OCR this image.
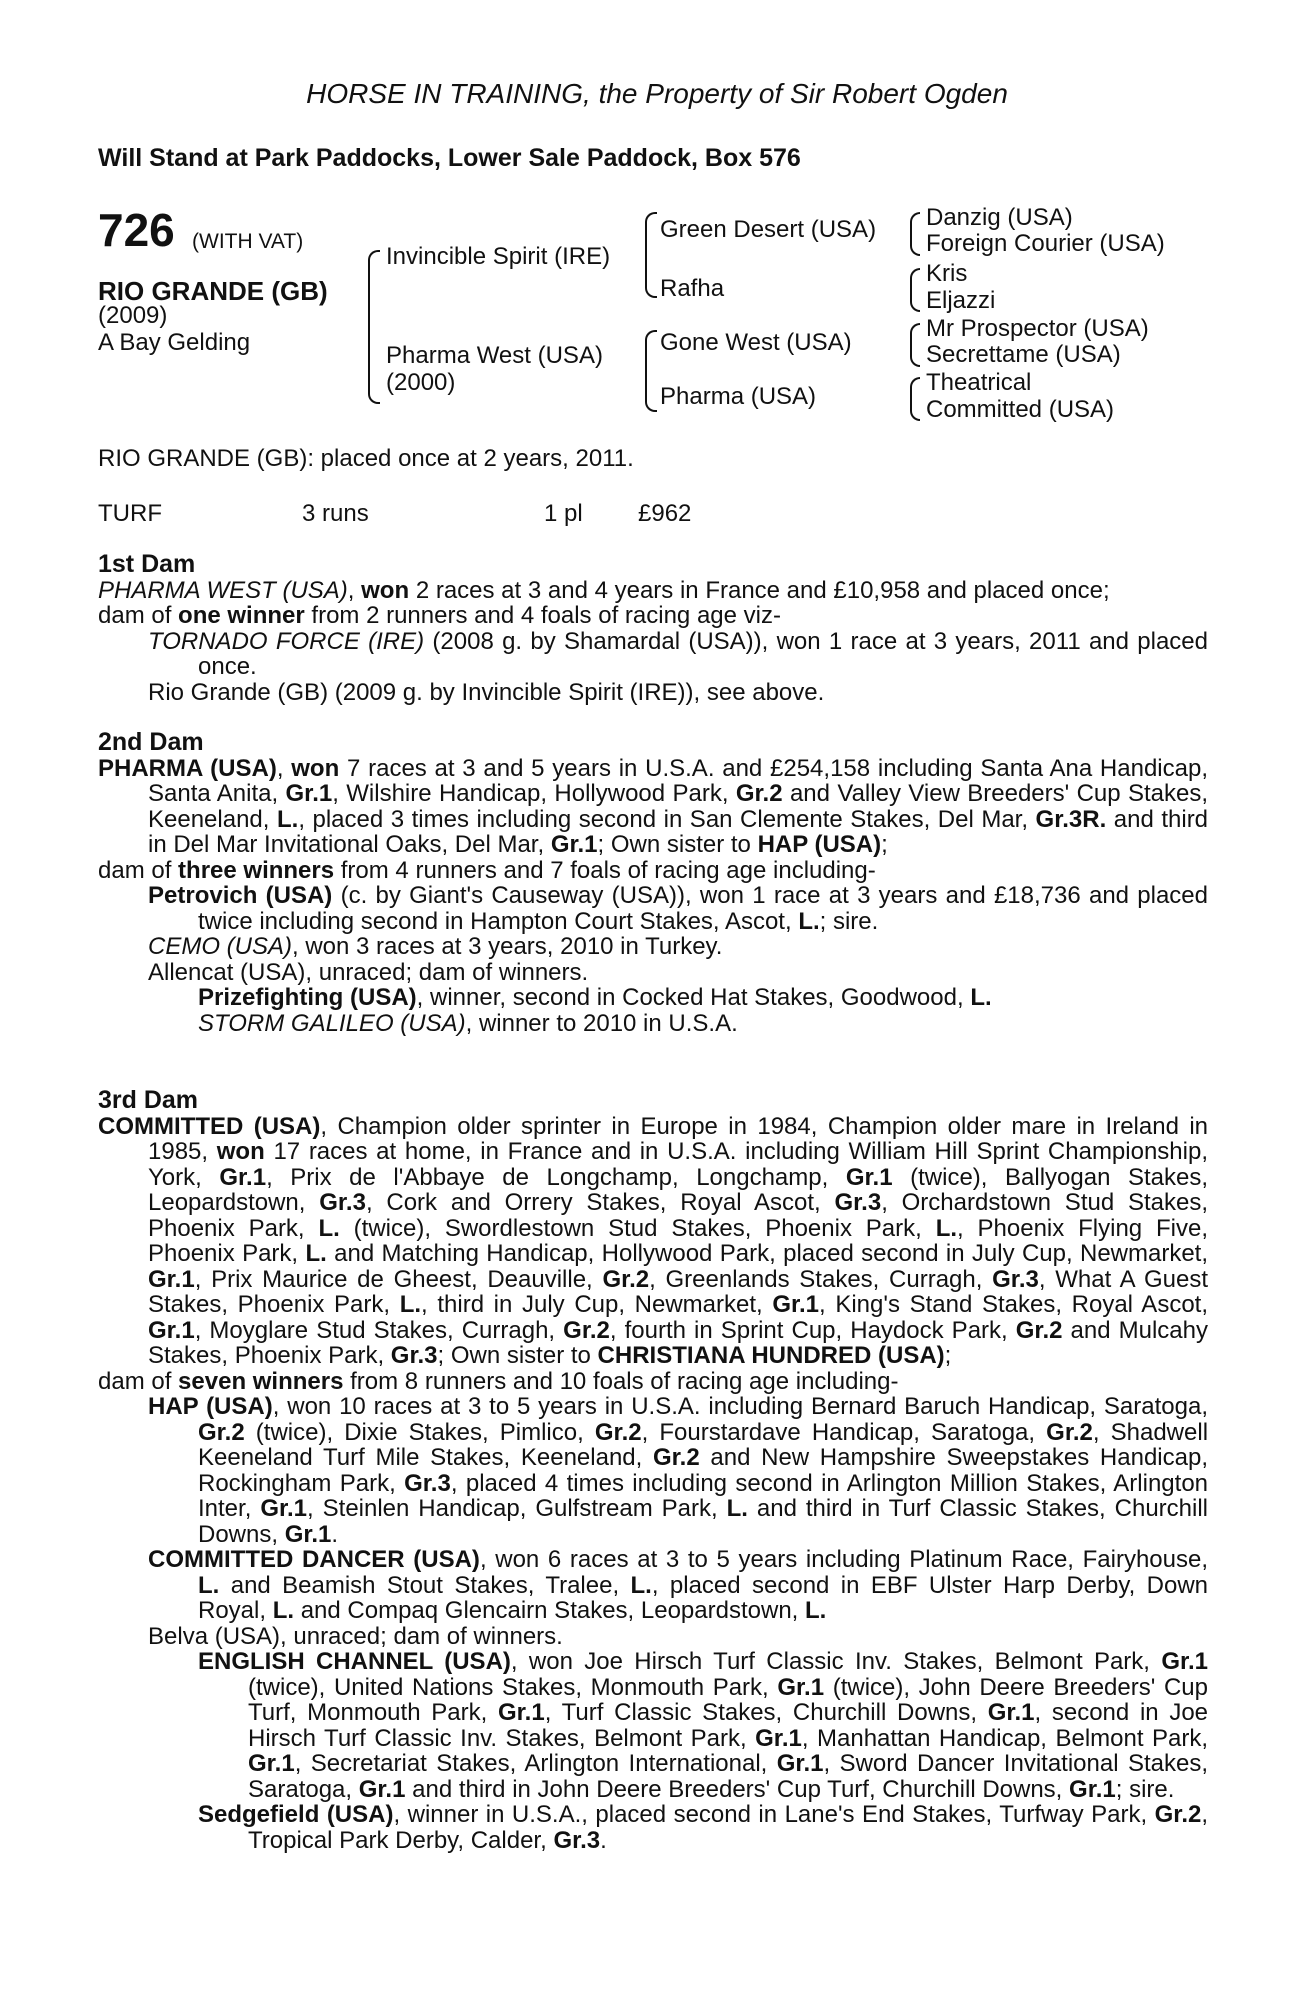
HORSE IN TRAINING, the Property of Sir Robert Ogden
Will Stand at Park Paddocks, Lower Sale Paddock, Box 576
726 (WITH VAT)
RIO GRANDE (GB)
(2009)
A Bay Gelding
Invincible Spirit (IRE)
Pharma West (USA)
(2000)
Green Desert (USA)
Rafha
Gone West (USA)
Pharma (USA)
Danzig (USA)
Foreign Courier (USA)
Kris
Eljazzi
Mr Prospector (USA)
Secrettame (USA)
Theatrical
Committed (USA)
RIO GRANDE (GB): placed once at 2 years, 2011.
TURF	3 runs	1 pl £962

1st Dam

PHARMA WEST (USA), won 2 races at 3 and 4 years in France and £10,958 and placed once;

dam of one winner from 2 runners and 4 foals of racing age viz-

TORNADO FORCE (IRE) (2008 g. by Shamardal (USA)), won 1 race at 3 years, 2011 and placed once.

Rio Grande (GB) (2009 g. by Invincible Spirit (IRE)), see above.

2nd Dam

PHARMA (USA), won 7 races at 3 and 5 years in U.S.A. and £254,158 including Santa Ana Handicap, Santa Anita, Gr.1, Wilshire Handicap, Hollywood Park, Gr.2 and Valley View Breeders' Cup Stakes, Keeneland, L., placed 3 times including second in San Clemente Stakes, Del Mar, Gr.3R. and third in Del Mar Invitational Oaks, Del Mar, Gr.1; Own sister to HAP (USA);

dam of three winners from 4 runners and 7 foals of racing age including-

Petrovich (USA) (c. by Giant's Causeway (USA)), won 1 race at 3 years and £18,736 and placed twice including second in Hampton Court Stakes, Ascot, L.; sire.

CEMO (USA), won 3 races at 3 years, 2010 in Turkey.

Allencat (USA), unraced; dam of winners.

Prizefighting (USA), winner, second in Cocked Hat Stakes, Goodwood, L.

STORM GALILEO (USA), winner to 2010 in U.S.A.

3rd Dam

COMMITTED (USA), Champion older sprinter in Europe in 1984, Champion older mare in Ireland in 1985, won 17 races at home, in France and in U.S.A. including William Hill Sprint Championship, York, Gr.1, Prix de l'Abbaye de Longchamp, Longchamp, Gr.1 (twice), Ballyogan Stakes, Leopardstown, Gr.3, Cork and Orrery Stakes, Royal Ascot, Gr.3, Orchardstown Stud Stakes, Phoenix Park, L. (twice), Swordlestown Stud Stakes, Phoenix Park, L., Phoenix Flying Five, Phoenix Park, L. and Matching Handicap, Hollywood Park, placed second in July Cup, Newmarket, Gr.1, Prix Maurice de Gheest, Deauville, Gr.2, Greenlands Stakes, Curragh, Gr.3, What A Guest Stakes, Phoenix Park, L., third in July Cup, Newmarket, Gr.1, King's Stand Stakes, Royal Ascot, Gr.1, Moyglare Stud Stakes, Curragh, Gr.2, fourth in Sprint Cup, Haydock Park, Gr.2 and Mulcahy Stakes, Phoenix Park, Gr.3; Own sister to CHRISTIANA HUNDRED (USA);

dam of seven winners from 8 runners and 10 foals of racing age including-

HAP (USA), won 10 races at 3 to 5 years in U.S.A. including Bernard Baruch Handicap, Saratoga, Gr.2 (twice), Dixie Stakes, Pimlico, Gr.2, Fourstardave Handicap, Saratoga, Gr.2, Shadwell Keeneland Turf Mile Stakes, Keeneland, Gr.2 and New Hampshire Sweepstakes Handicap, Rockingham Park, Gr.3, placed 4 times including second in Arlington Million Stakes, Arlington Inter, Gr.1, Steinlen Handicap, Gulfstream Park, L. and third in Turf Classic Stakes, Churchill Downs, Gr.1.

COMMITTED DANCER (USA), won 6 races at 3 to 5 years including Platinum Race, Fairyhouse, L. and Beamish Stout Stakes, Tralee, L., placed second in EBF Ulster Harp Derby, Down Royal, L. and Compaq Glencairn Stakes, Leopardstown, L.

Belva (USA), unraced; dam of winners.

ENGLISH CHANNEL (USA), won Joe Hirsch Turf Classic Inv. Stakes, Belmont Park, Gr.1 (twice), United Nations Stakes, Monmouth Park, Gr.1 (twice), John Deere Breeders' Cup Turf, Monmouth Park, Gr.1, Turf Classic Stakes, Churchill Downs, Gr.1, second in Joe Hirsch Turf Classic Inv. Stakes, Belmont Park, Gr.1, Manhattan Handicap, Belmont Park, Gr.1, Secretariat Stakes, Arlington International, Gr.1, Sword Dancer Invitational Stakes, Saratoga, Gr.1 and third in John Deere Breeders' Cup Turf, Churchill Downs, Gr.1; sire.

Sedgefield (USA), winner in U.S.A., placed second in Lane's End Stakes, Turfway Park, Gr.2, Tropical Park Derby, Calder, Gr.3.
